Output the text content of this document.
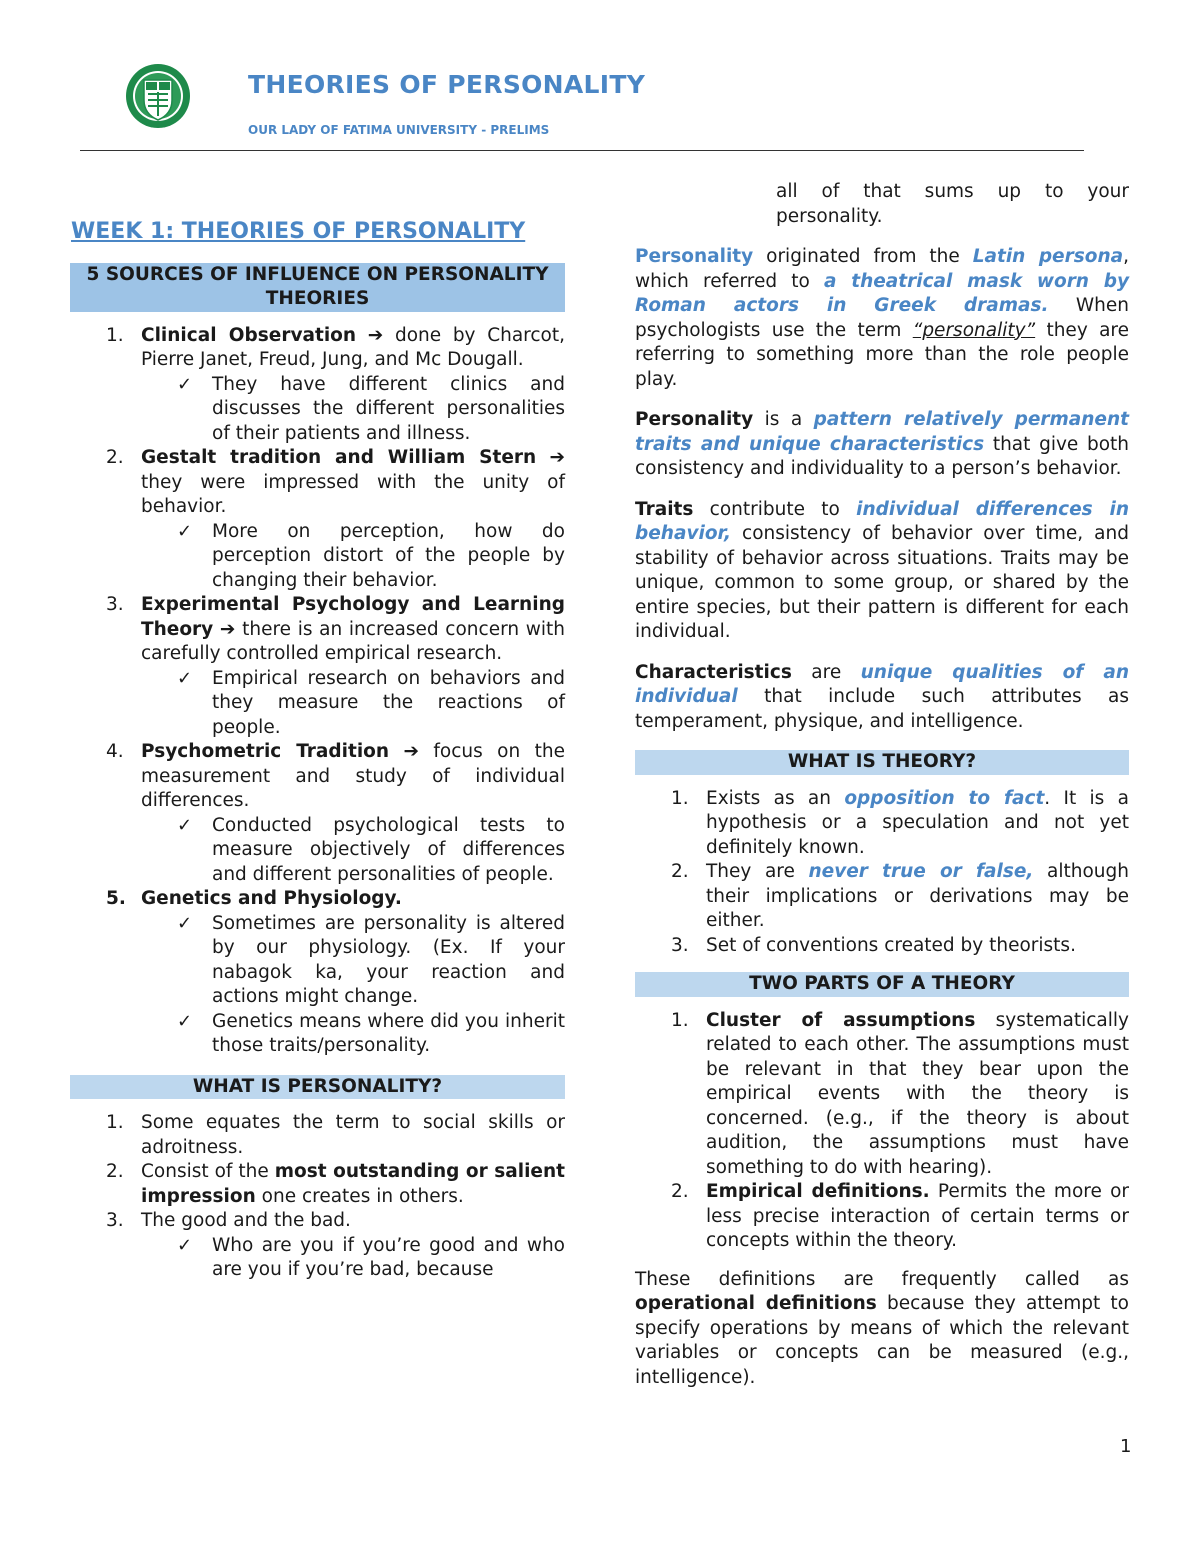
THEORIES OF PERSONALITY
OUR LADY OF FATIMA UNIVERSITY - PRELIMS
WEEK 1: THEORIES OF PERSONALITY
5 SOURCES OF INFLUENCE ON PERSONALITY THEORIES
1. Clinical Observation ➔ done by Charcot, Pierre Janet, Freud, Jung, and Mc Dougall.
✓ They have different clinics and discusses the different personalities of their patients and illness.
2. Gestalt tradition and William Stern ➔ they were impressed with the unity of behavior.
✓ More on perception, how do perception distort of the people by changing their behavior.
3. Experimental Psychology and Learning Theory ➔ there is an increased concern with carefully controlled empirical research.
✓ Empirical research on behaviors and they measure the reactions of people.
4. Psychometric Tradition ➔ focus on the measurement and study of individual differences.
✓ Conducted psychological tests to measure objectively of differences and different personalities of people.
5. Genetics and Physiology.
✓ Sometimes are personality is altered by our physiology. (Ex. If your nabagok ka, your reaction and actions might change.
✓ Genetics means where did you inherit those traits/personality.
WHAT IS PERSONALITY?
1. Some equates the term to social skills or adroitness.
2. Consist of the most outstanding or salient impression one creates in others.
3. The good and the bad.
✓ Who are you if you’re good and who are you if you’re bad, because
all of that sums up to your personality.

Personality originated from the Latin persona, which referred to a theatrical mask worn by Roman actors in Greek dramas. When psychologists use the term “personality” they are referring to something more than the role people play.

Personality is a pattern relatively permanent traits and unique characteristics that give both consistency and individuality to a person’s behavior.

Traits contribute to individual differences in behavior, consistency of behavior over time, and stability of behavior across situations. Traits may be unique, common to some group, or shared by the entire species, but their pattern is different for each individual.

Characteristics are unique qualities of an individual that include such attributes as temperament, physique, and intelligence.

WHAT IS THEORY?
1. Exists as an opposition to fact. It is a hypothesis or a speculation and not yet definitely known.
2. They are never true or false, although their implications or derivations may be either.
3. Set of conventions created by theorists.
TWO PARTS OF A THEORY
1. Cluster of assumptions systematically related to each other. The assumptions must be relevant in that they bear upon the empirical events with the theory is concerned. (e.g., if the theory is about audition, the assumptions must have something to do with hearing).
2. Empirical definitions. Permits the more or less precise interaction of certain terms or concepts within the theory.

These definitions are frequently called as operational definitions because they attempt to specify operations by means of which the relevant variables or concepts can be measured (e.g., intelligence).

1
